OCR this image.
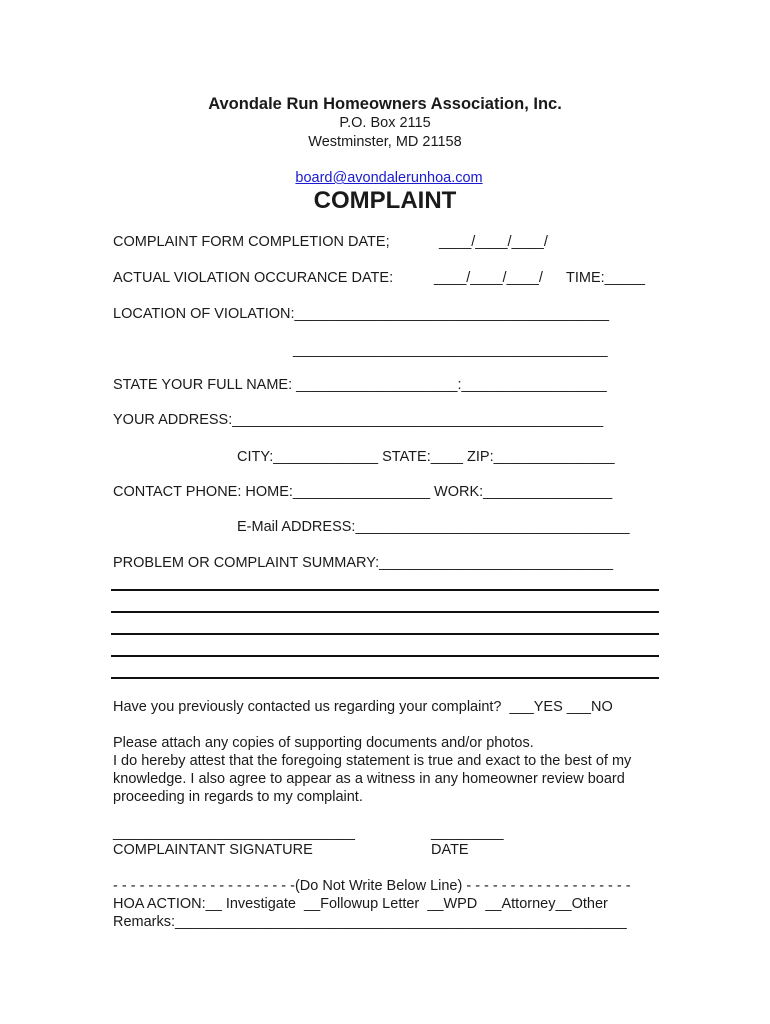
Avondale Run Homeowners Association, Inc.
P.O. Box 2115
Westminster, MD 21158

board@avondalerunhoa.com

COMPLAINT
COMPLAINT FORM COMPLETION DATE;	____/____/____/
ACTUAL VIOLATION OCCURANCE DATE:	____/____/____/ TIME:_____
LOCATION OF VIOLATION:_______________________________________
_______________________________________
STATE YOUR FULL NAME: ____________________:__________________
YOUR ADDRESS:______________________________________________
CITY:_____________ STATE:____ ZIP:_______________
CONTACT PHONE: HOME:_________________ WORK:________________
E-Mail ADDRESS:__________________________________
PROBLEM OR COMPLAINT SUMMARY:_____________________________
Have you previously contacted us regarding your complaint?  ___YES ___NO
Please attach any copies of supporting documents and/or photos.
I do hereby attest that the foregoing statement is true and exact to the best of my knowledge. I also agree to appear as a witness in any homeowner review board proceeding in regards to my complaint.
______________________________
COMPLAINTANT SIGNATURE
_________
DATE
- - - - - - - - - - - - - - - - - - - - -(Do Not Write Below Line) - - - - - - - - - - - - - - - - - - -
HOA ACTION:__ Investigate  __Followup Letter  __WPD  __Attorney__Other
Remarks:________________________________________________________
